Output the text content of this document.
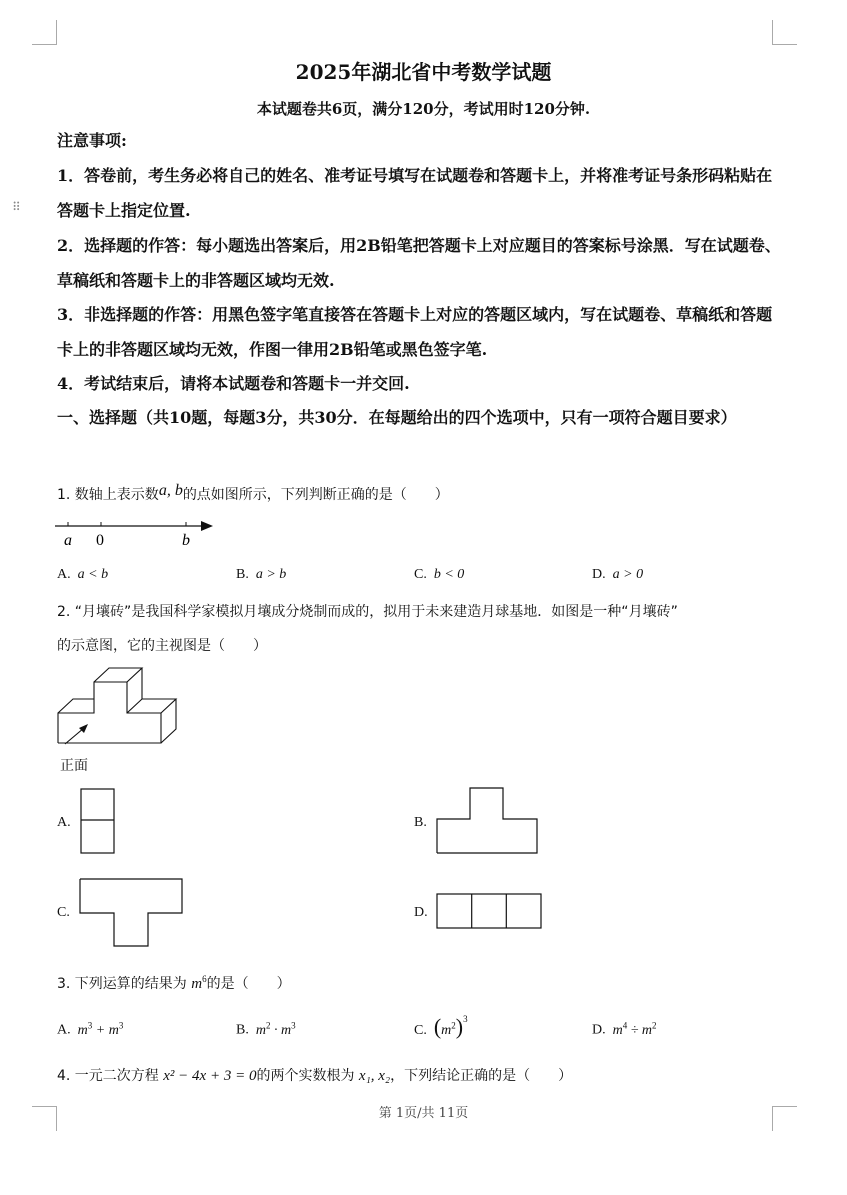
⠿
2025年湖北省中考数学试题
本试题卷共6页，满分120分，考试用时120分钟.
注意事项:
1．答卷前，考生务必将自己的姓名、准考证号填写在试题卷和答题卡上，并将准考证号条形码粘贴在答题卡上指定位置.
2．选择题的作答：每小题选出答案后，用2B铅笔把答题卡上对应题目的答案标号涂黑．写在试题卷、草稿纸和答题卡上的非答题区域均无效.
3．非选择题的作答：用黑色签字笔直接答在答题卡上对应的答题区域内，写在试题卷、草稿纸和答题卡上的非答题区域均无效，作图一律用2B铅笔或黑色签字笔.
4．考试结束后，请将本试题卷和答题卡一并交回.
一、选择题（共10题，每题3分，共30分．在每题给出的四个选项中，只有一项符合题目要求）
1. 数轴上表示数a, b的点如图所示，下列判断正确的是（　　）
a 0	b
A. a < b	B. a > b	C. b < 0	D. a > 0
2. “月壤砖”是我国科学家模拟月壤成分烧制而成的，拟用于未来建造月球基地．如图是一种“月壤砖”
的示意图，它的主视图是（　　）
正面
A.	B.
C.	D.
3. 下列运算的结果为 $m^6$的是（　　）
A. $m^3 + m^3$	B. $m^2 \cdot m^3$	C. $(m^2)^3$
D. $m^4 \div m^2$
4. 一元二次方程 x² − 4x + 3 = 0的两个实数根为 x₁, x₂，下列结论正确的是（　　）
第 1页/共 11页
